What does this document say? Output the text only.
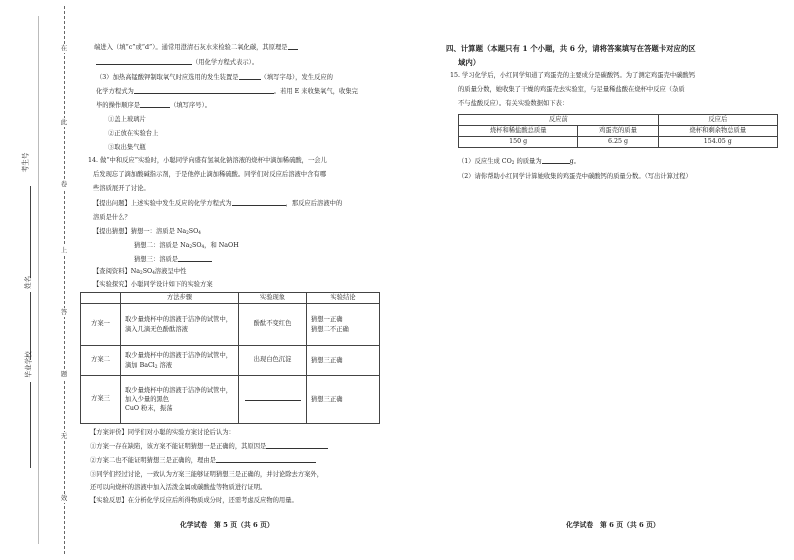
在
此
卷
上
答
题
无
效
考生号
姓名
毕业学校
端进入（填“c”或“d”）。通常用澄清石灰水来检验二氧化碳，其原理是
（用化学方程式表示）。
（3）加热高锰酸钾制取氧气时应选用的发生装置是	（填写字母），发生反应的
化学方程式为	。若用 E 来收集氧气，收集完
毕的操作顺序是	（填写序号）。
①盖上玻璃片
②正放在实验台上
③取出集气瓶
14. 做“中和反应”实验时，小聪同学向盛有氢氧化钠溶液的烧杯中滴加稀硫酸，一会儿
后发现忘了滴加酸碱指示剂，于是他停止滴加稀硫酸。同学们对反应后溶液中含有哪
些溶质展开了讨论。
【提出问题】上述实验中发生反应的化学方程式为	，那反应后溶液中的
溶质是什么？
【提出猜想】猜想一：溶质是 $Na_2SO_4$
猜想二：溶质是 $Na_2SO_4$，和 NaOH
猜想三：溶质是
【查阅资料】$Na_2SO_4$溶液呈中性
【实验探究】小聪同学设计如下的实验方案
	方法步骤	实验现象	实验结论
方案一	取少量烧杯中的溶液于洁净的试管中，滴入几滴无色酚酞溶液	酚酞不变红色	猜想一正确
猜想二不正确

方案二	取少量烧杯中的溶液于洁净的试管中，滴加 BaCl$_2$ 溶液	出现白色沉淀	猜想三正确
方案三	取少量烧杯中的溶液于洁净的试管中，加入少量的黑色
CuO 粉末，振荡		猜想三正确
【方案评价】同学们对小聪的实验方案讨论后认为：
①方案一存在缺陷，该方案不能证明猜想一是正确的，其原因是
②方案二也不能证明猜想三是正确的，理由是
③同学们经过讨论，一致认为方案三能够证明猜想三是正确的，并讨论除去方案外，
还可以向烧杯的溶液中加入活泼金属或碳酸盐等物质进行证明。
【实验反思】在分析化学反应后所得物质成分时，还需考虑反应物的用量。
化学试卷　第 5 页（共 6 页）
四、计算题（本题只有 1 个小题，共 6 分，请将答案填写在答题卡对应的区
域内）
15. 学习化学后，小红同学知道了鸡蛋壳的主要成分是碳酸钙。为了测定鸡蛋壳中碳酸钙
的质量分数，她收集了干燥的鸡蛋壳去实验室，与足量稀盐酸在烧杯中反应（杂质
不与盐酸反应）。有关实验数据如下表：
反应前		反应后
烧杯和稀盐酸总质量	鸡蛋壳的质量	烧杯和剩余物总质量
150 g	6.25 g	154.05 g
（1）反应生成 $CO_2$ 的质量为	g。
（2）请你帮助小红同学计算她收集的鸡蛋壳中碳酸钙的质量分数。（写出计算过程）
化学试卷　第 6 页（共 6 页）
